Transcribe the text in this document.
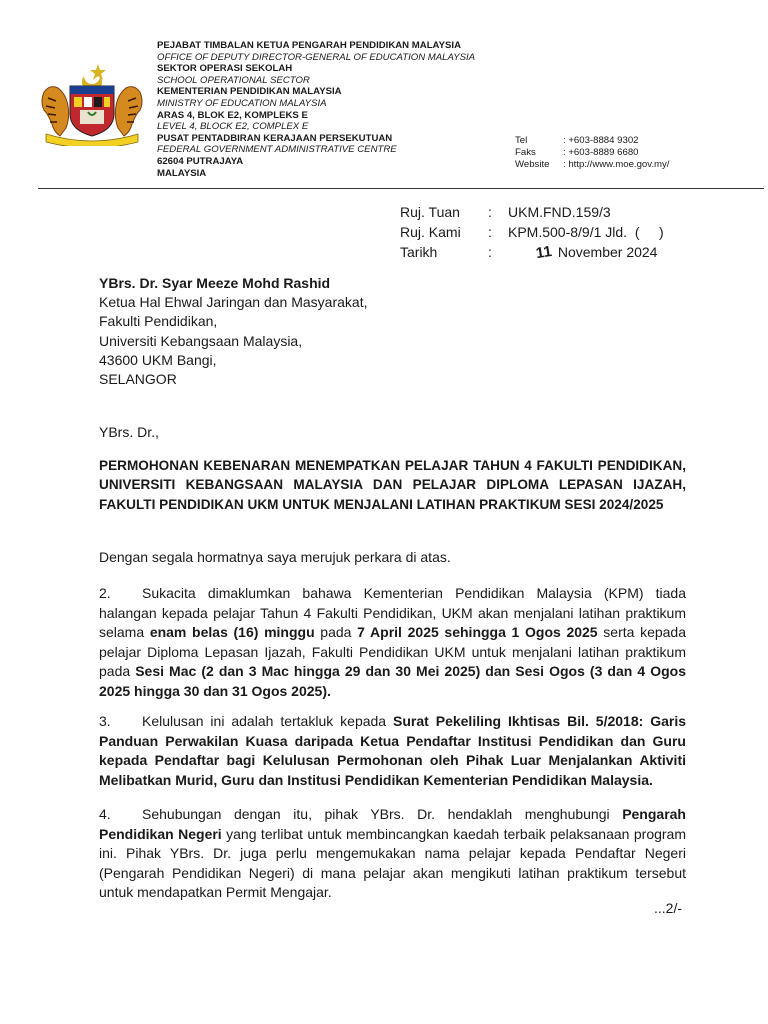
PEJABAT TIMBALAN KETUA PENGARAH PENDIDIKAN MALAYSIA
OFFICE OF DEPUTY DIRECTOR-GENERAL OF EDUCATION MALAYSIA
SEKTOR OPERASI SEKOLAH
SCHOOL OPERATIONAL SECTOR
KEMENTERIAN PENDIDIKAN MALAYSIA
MINISTRY OF EDUCATION MALAYSIA
ARAS 4, BLOK E2, KOMPLEKS E
LEVEL 4, BLOCK E2, COMPLEX E
PUSAT PENTADBIRAN KERAJAAN PERSEKUTUAN
FEDERAL GOVERNMENT ADMINISTRATIVE CENTRE
62604 PUTRAJAYA
MALAYSIA
Tel	: +603-8884 9302
Faks	: +603-8889 6680
Website	: http://www.moe.gov.my/
Ruj. Tuan	:	UKM.FND.159/3
Ruj. Kami	:	KPM.500-8/9/1 Jld.  (     )
Tarikh	:	11 November 2024
YBrs. Dr. Syar Meeze Mohd Rashid
Ketua Hal Ehwal Jaringan dan Masyarakat,
Fakulti Pendidikan,
Universiti Kebangsaan Malaysia,
43600 UKM Bangi,
SELANGOR
YBrs. Dr.,
PERMOHONAN KEBENARAN MENEMPATKAN PELAJAR TAHUN 4 FAKULTI PENDIDIKAN, UNIVERSITI KEBANGSAAN MALAYSIA DAN PELAJAR DIPLOMA LEPASAN IJAZAH, FAKULTI PENDIDIKAN UKM UNTUK MENJALANI LATIHAN PRAKTIKUM SESI 2024/2025
Dengan segala hormatnya saya merujuk perkara di atas.
2. Sukacita dimaklumkan bahawa Kementerian Pendidikan Malaysia (KPM) tiada halangan kepada pelajar Tahun 4 Fakulti Pendidikan, UKM akan menjalani latihan praktikum selama enam belas (16) minggu pada 7 April 2025 sehingga 1 Ogos 2025 serta kepada pelajar Diploma Lepasan Ijazah, Fakulti Pendidikan UKM untuk menjalani latihan praktikum pada Sesi Mac (2 dan 3 Mac hingga 29 dan 30 Mei 2025) dan Sesi Ogos (3 dan 4 Ogos 2025 hingga 30 dan 31 Ogos 2025).
3. Kelulusan ini adalah tertakluk kepada Surat Pekeliling Ikhtisas Bil. 5/2018: Garis Panduan Perwakilan Kuasa daripada Ketua Pendaftar Institusi Pendidikan dan Guru kepada Pendaftar bagi Kelulusan Permohonan oleh Pihak Luar Menjalankan Aktiviti Melibatkan Murid, Guru dan Institusi Pendidikan Kementerian Pendidikan Malaysia.
4. Sehubungan dengan itu, pihak YBrs. Dr. hendaklah menghubungi Pengarah Pendidikan Negeri yang terlibat untuk membincangkan kaedah terbaik pelaksanaan program ini. Pihak YBrs. Dr. juga perlu mengemukakan nama pelajar kepada Pendaftar Negeri (Pengarah Pendidikan Negeri) di mana pelajar akan mengikuti latihan praktikum tersebut untuk mendapatkan Permit Mengajar.
...2/-
